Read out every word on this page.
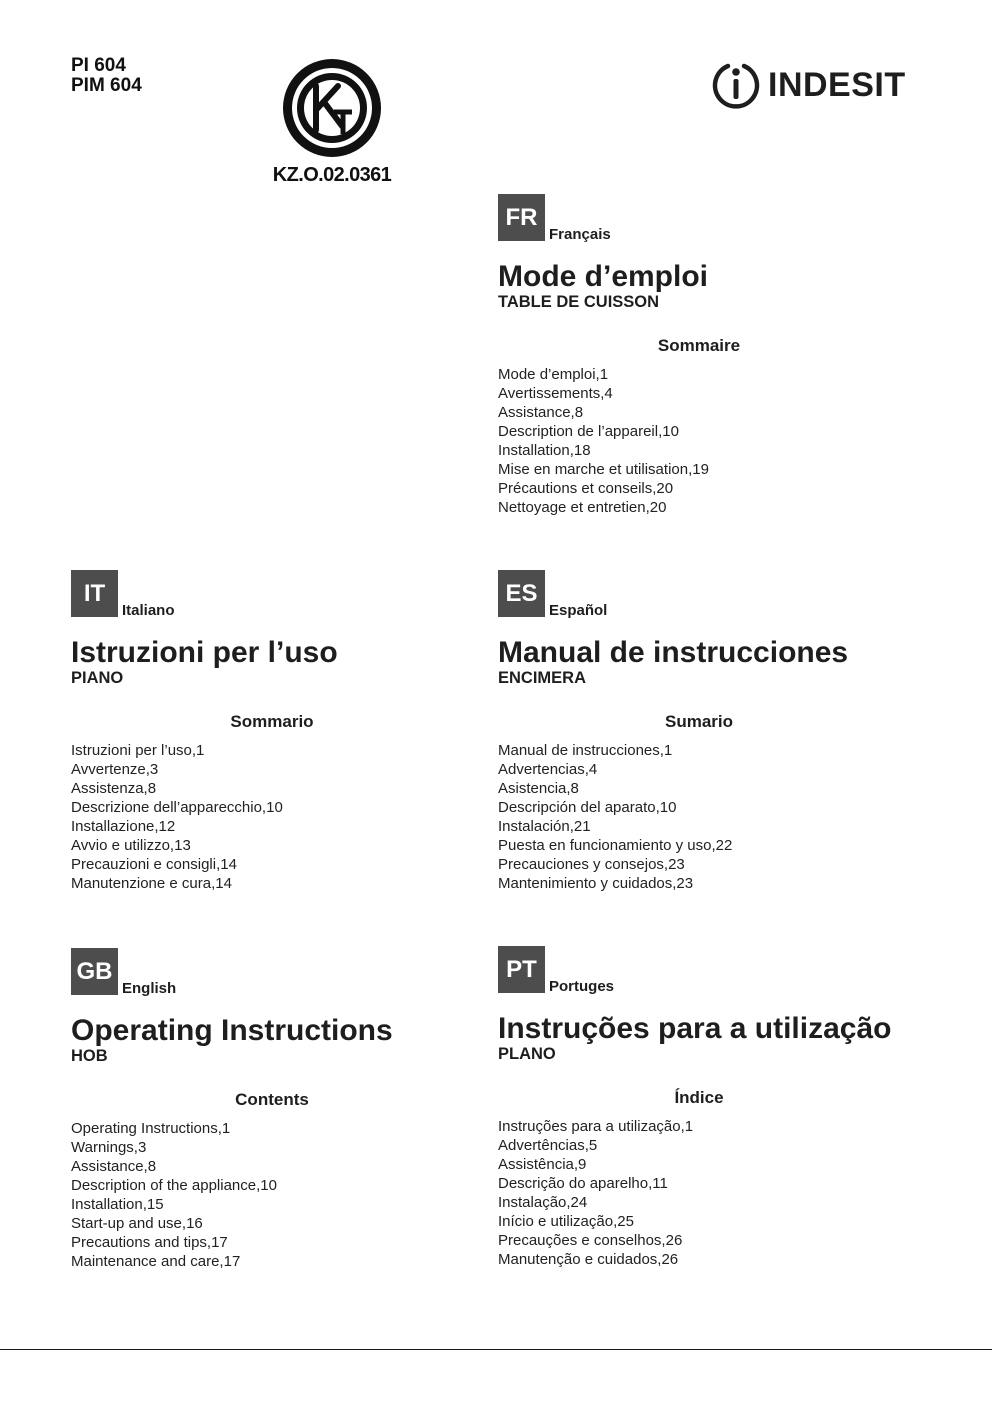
PI 604
PIM 604
KZ.O.02.0361
INDESIT
FR
Français
Mode d’emploi
TABLE DE CUISSON
Sommaire
Mode d’emploi,1
Avertissements,4
Assistance,8
Description de l’appareil,10
Installation,18
Mise en marche et utilisation,19
Précautions et conseils,20
Nettoyage et entretien,20
IT
Italiano
Istruzioni per l’uso
PIANO
Sommario
Istruzioni per l’uso,1
Avvertenze,3
Assistenza,8
Descrizione dell’apparecchio,10
Installazione,12
Avvio e utilizzo,13
Precauzioni e consigli,14
Manutenzione e cura,14
ES
Español
Manual de instrucciones
ENCIMERA
Sumario
Manual de instrucciones,1
Advertencias,4
Asistencia,8
Descripción del aparato,10
Instalación,21
Puesta en funcionamiento y uso,22
Precauciones y consejos,23
Mantenimiento y cuidados,23
GB
English
Operating Instructions
HOB
Contents
Operating Instructions,1
Warnings,3
Assistance,8
Description of the appliance,10
Installation,15
Start-up and use,16
Precautions and tips,17
Maintenance and care,17
PT
Portuges
Instruções para a utilização
PLANO
Índice
Instruções para a utilização,1
Advertências,5
Assistência,9
Descrição do aparelho,11
Instalação,24
Início e utilização,25
Precauções e conselhos,26
Manutenção e cuidados,26
